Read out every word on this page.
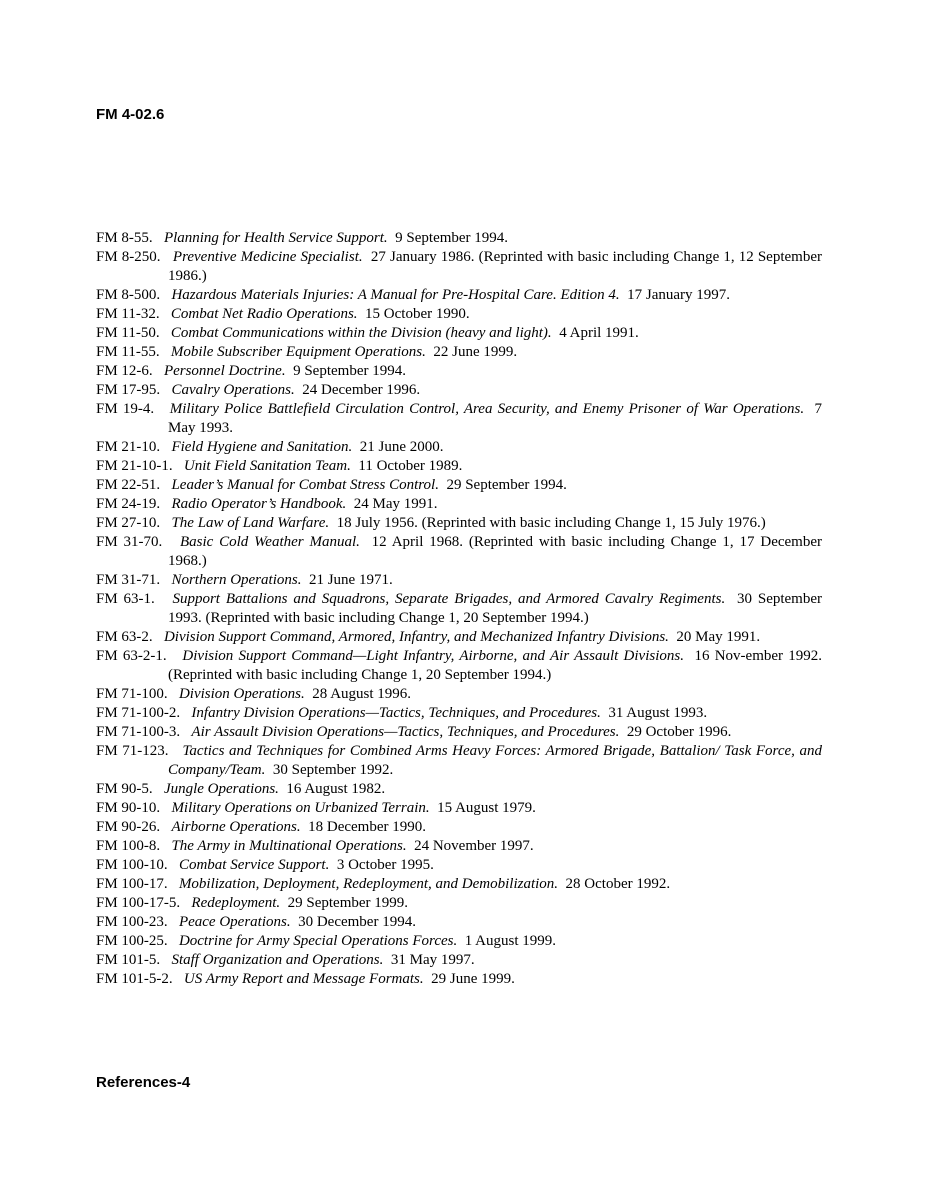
FM 4-02.6
FM 8-55. Planning for Health Service Support. 9 September 1994.
FM 8-250. Preventive Medicine Specialist. 27 January 1986. (Reprinted with basic including Change 1, 12 September 1986.)
FM 8-500. Hazardous Materials Injuries: A Manual for Pre-Hospital Care. Edition 4. 17 January 1997.
FM 11-32. Combat Net Radio Operations. 15 October 1990.
FM 11-50. Combat Communications within the Division (heavy and light). 4 April 1991.
FM 11-55. Mobile Subscriber Equipment Operations. 22 June 1999.
FM 12-6. Personnel Doctrine. 9 September 1994.
FM 17-95. Cavalry Operations. 24 December 1996.
FM 19-4. Military Police Battlefield Circulation Control, Area Security, and Enemy Prisoner of War Operations. 7 May 1993.
FM 21-10. Field Hygiene and Sanitation. 21 June 2000.
FM 21-10-1. Unit Field Sanitation Team. 11 October 1989.
FM 22-51. Leader’s Manual for Combat Stress Control. 29 September 1994.
FM 24-19. Radio Operator’s Handbook. 24 May 1991.
FM 27-10. The Law of Land Warfare. 18 July 1956. (Reprinted with basic including Change 1, 15 July 1976.)
FM 31-70. Basic Cold Weather Manual. 12 April 1968. (Reprinted with basic including Change 1, 17 December 1968.)
FM 31-71. Northern Operations. 21 June 1971.
FM 63-1. Support Battalions and Squadrons, Separate Brigades, and Armored Cavalry Regiments. 30 September 1993. (Reprinted with basic including Change 1, 20 September 1994.)
FM 63-2. Division Support Command, Armored, Infantry, and Mechanized Infantry Divisions. 20 May 1991.
FM 63-2-1. Division Support Command—Light Infantry, Airborne, and Air Assault Divisions. 16 Nov-ember 1992. (Reprinted with basic including Change 1, 20 September 1994.)
FM 71-100. Division Operations. 28 August 1996.
FM 71-100-2. Infantry Division Operations—Tactics, Techniques, and Procedures. 31 August 1993.
FM 71-100-3. Air Assault Division Operations—Tactics, Techniques, and Procedures. 29 October 1996.
FM 71-123. Tactics and Techniques for Combined Arms Heavy Forces: Armored Brigade, Battalion/ Task Force, and Company/Team. 30 September 1992.
FM 90-5. Jungle Operations. 16 August 1982.
FM 90-10. Military Operations on Urbanized Terrain. 15 August 1979.
FM 90-26. Airborne Operations. 18 December 1990.
FM 100-8. The Army in Multinational Operations. 24 November 1997.
FM 100-10. Combat Service Support. 3 October 1995.
FM 100-17. Mobilization, Deployment, Redeployment, and Demobilization. 28 October 1992.
FM 100-17-5. Redeployment. 29 September 1999.
FM 100-23. Peace Operations. 30 December 1994.
FM 100-25. Doctrine for Army Special Operations Forces. 1 August 1999.
FM 101-5. Staff Organization and Operations. 31 May 1997.
FM 101-5-2. US Army Report and Message Formats. 29 June 1999.
References-4
